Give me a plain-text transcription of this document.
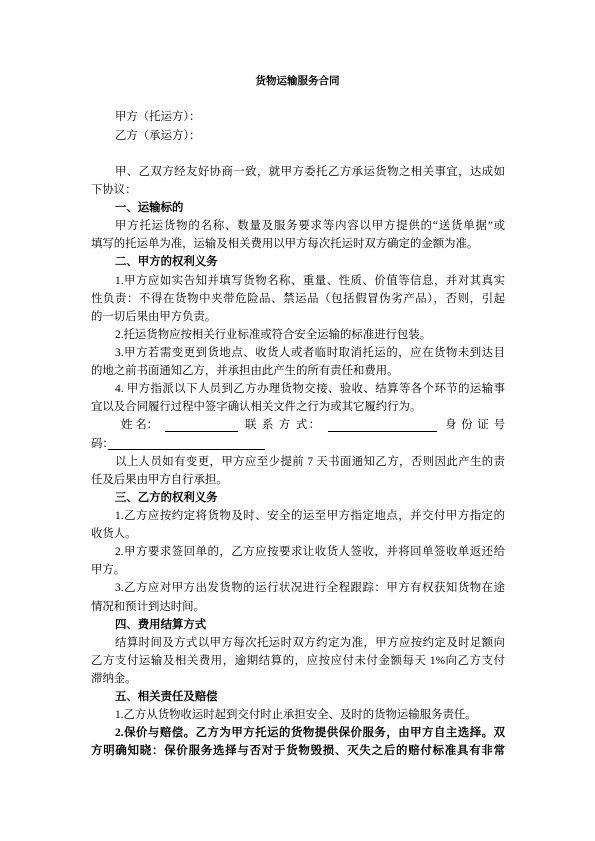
货物运输服务合同
甲方（托运方）：
乙方（承运方）：
甲、乙双方经友好协商一致，就甲方委托乙方承运货物之相关事宜，达成如
下协议：
一、运输标的
甲方托运货物的名称、数量及服务要求等内容以甲方提供的“送货单据”或
填写的托运单为准，运输及相关费用以甲方每次托运时双方确定的金额为准。
二、甲方的权利义务
1.甲方应如实告知并填写货物名称、重量、性质、价值等信息，并对其真实
性负责：不得在货物中夹带危险品、禁运品（包括假冒伪劣产品），否则，引起
的一切后果由甲方负责。
2.托运货物应按相关行业标准或符合安全运输的标准进行包装。
3.甲方若需变更到货地点、收货人或者临时取消托运的，应在货物未到达目
的地之前书面通知乙方，并承担由此产生的所有责任和费用。
4. 甲方指派以下人员到乙方办理货物交接、验收、结算等各个环节的运输事
宜以及合同履行过程中签字确认相关文件之行为或其它履约行为。
姓 名：	联 系 方 式：	身 份 证 号
码：
以上人员如有变更，甲方应至少提前 7 天书面通知乙方，否则因此产生的责
任及后果由甲方自行承担。
三、乙方的权利义务
1.乙方应按约定将货物及时、安全的运至甲方指定地点，并交付甲方指定的
收货人。
2.甲方要求签回单的，乙方应按要求让收货人签收，并将回单签收单返还给
甲方。
3.乙方应对甲方出发货物的运行状况进行全程跟踪：甲方有权获知货物在途
情况和预计到达时间。
四、费用结算方式
结算时间及方式以甲方每次托运时双方约定为准，甲方应按约定及时足额向
乙方支付运输及相关费用，逾期结算的，应按应付未付金额每天 1%向乙方支付
滞纳金。
五、相关责任及赔偿
1.乙方从货物收运时起到交付时止承担安全、及时的货物运输服务责任。
2.保价与赔偿。乙方为甲方托运的货物提供保价服务，由甲方自主选择。双
方明确知晓：保价服务选择与否对于货物毁损、灭失之后的赔付标准具有非常
